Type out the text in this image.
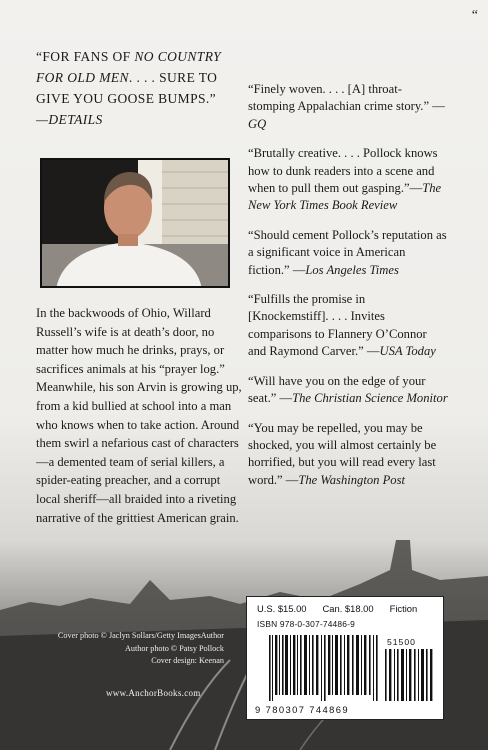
“
“FOR FANS OF NO COUNTRY FOR OLD MEN. . . . SURE TO GIVE YOU GOOSE BUMPS.”
—DETAILS
In the backwoods of Ohio, Willard Russell’s wife is at death’s door, no matter how much he drinks, prays, or sacrifices animals at his “prayer log.” Meanwhile, his son Arvin is growing up, from a kid bullied at school into a man who knows when to take action. Around them swirl a nefarious cast of characters—a demented team of serial killers, a spider-eating preacher, and a corrupt local sheriff—all braided into a riveting narrative of the grittiest American grain.
“Finely woven. . . . [A] throat-stomping Appalachian crime story.” —GQ
“Brutally creative. . . . Pollock knows how to dunk readers into a scene and when to pull them out gasping.”—The New York Times Book Review
“Should cement Pollock’s reputation as a significant voice in American fiction.” —Los Angeles Times
“Fulfills the promise in [Knockemstiff]. . . . Invites comparisons to Flannery O’Connor and Raymond Carver.” —USA Today
“Will have you on the edge of your seat.” —The Christian Science Monitor
“You may be repelled, you may be shocked, you will almost certainly be horrified, but you will read every last word.” —The Washington Post
Cover photo © Jaclyn Sollars/Getty ImagesAuthor
Author photo © Patsy Pollock
Cover design: Keenan
www.AnchorBooks.com
U.S. $15.00 Can. $18.00 Fiction
ISBN 978-0-307-74486-9
51500
9 780307 744869
